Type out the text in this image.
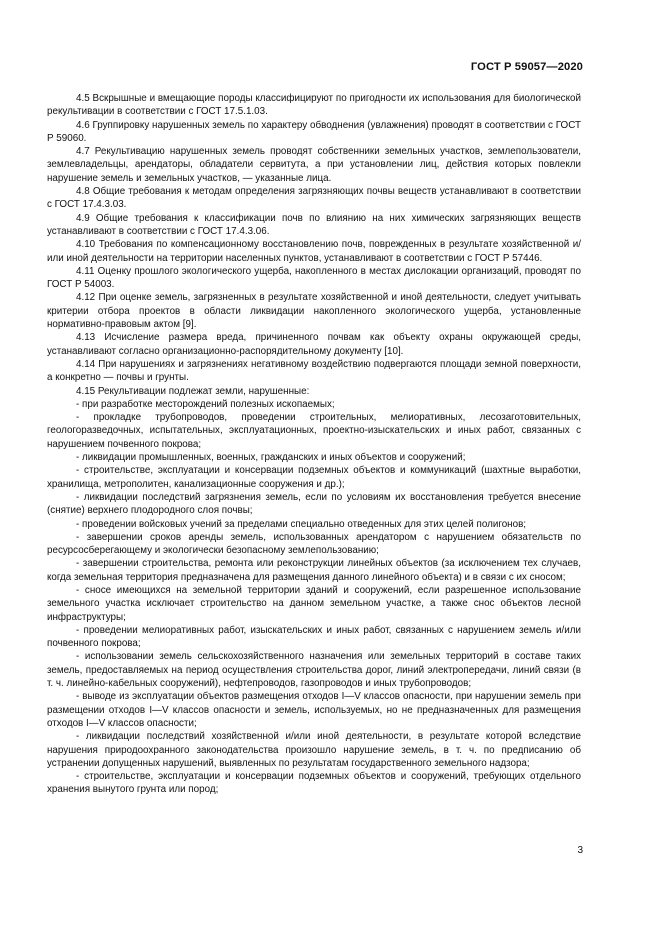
ГОСТ Р 59057—2020

4.5 Вскрышные и вмещающие породы классифицируют по пригодности их использования для биологической рекультивации в соответствии с ГОСТ 17.5.1.03.

4.6 Группировку нарушенных земель по характеру обводнения (увлажнения) проводят в соответствии с ГОСТ Р 59060.

4.7 Рекультивацию нарушенных земель проводят собственники земельных участков, землепользователи, землевладельцы, арендаторы, обладатели сервитута, а при установлении лиц, действия которых повлекли нарушение земель и земельных участков, — указанные лица.

4.8 Общие требования к методам определения загрязняющих почвы веществ устанавливают в соответствии с ГОСТ 17.4.3.03.

4.9 Общие требования к классификации почв по влиянию на них химических загрязняющих веществ устанавливают в соответствии с ГОСТ 17.4.3.06.

4.10 Требования по компенсационному восстановлению почв, поврежденных в результате хозяйственной и/или иной деятельности на территории населенных пунктов, устанавливают в соответствии с ГОСТ Р 57446.

4.11 Оценку прошлого экологического ущерба, накопленного в местах дислокации организаций, проводят по ГОСТ Р 54003.

4.12 При оценке земель, загрязненных в результате хозяйственной и иной деятельности, следует учитывать критерии отбора проектов в области ликвидации накопленного экологического ущерба, установленные нормативно-правовым актом [9].

4.13 Исчисление размера вреда, причиненного почвам как объекту охраны окружающей среды, устанавливают согласно организационно-распорядительному документу [10].

4.14 При нарушениях и загрязнениях негативному воздействию подвергаются площади земной поверхности, а конкретно — почвы и грунты.

4.15 Рекультивации подлежат земли, нарушенные:

- при разработке месторождений полезных ископаемых;

- прокладке трубопроводов, проведении строительных, мелиоративных, лесозаготовительных, геологоразведочных, испытательных, эксплуатационных, проектно-изыскательских и иных работ, связанных с нарушением почвенного покрова;

- ликвидации промышленных, военных, гражданских и иных объектов и сооружений;

- строительстве, эксплуатации и консервации подземных объектов и коммуникаций (шахтные выработки, хранилища, метрополитен, канализационные сооружения и др.);

- ликвидации последствий загрязнения земель, если по условиям их восстановления требуется внесение (снятие) верхнего плодородного слоя почвы;

- проведении войсковых учений за пределами специально отведенных для этих целей полигонов;

- завершении сроков аренды земель, использованных арендатором с нарушением обязательств по ресурсосберегающему и экологически безопасному землепользованию;

- завершении строительства, ремонта или реконструкции линейных объектов (за исключением тех случаев, когда земельная территория предназначена для размещения данного линейного объекта) и в связи с их сносом;

- сносе имеющихся на земельной территории зданий и сооружений, если разрешенное использование земельного участка исключает строительство на данном земельном участке, а также снос объектов лесной инфраструктуры;

- проведении мелиоративных работ, изыскательских и иных работ, связанных с нарушением земель и/или почвенного покрова;

- использовании земель сельскохозяйственного назначения или земельных территорий в составе таких земель, предоставляемых на период осуществления строительства дорог, линий электропередачи, линий связи (в т. ч. линейно-кабельных сооружений), нефтепроводов, газопроводов и иных трубопроводов;

- выводе из эксплуатации объектов размещения отходов I—V классов опасности, при нарушении земель при размещении отходов I—V классов опасности и земель, используемых, но не предназначенных для размещения отходов I—V классов опасности;

- ликвидации последствий хозяйственной и/или иной деятельности, в результате которой вследствие нарушения природоохранного законодательства произошло нарушение земель, в т. ч. по предписанию об устранении допущенных нарушений, выявленных по результатам государственного земельного надзора;

- строительстве, эксплуатации и консервации подземных объектов и сооружений, требующих отдельного хранения вынутого грунта или пород;

3
